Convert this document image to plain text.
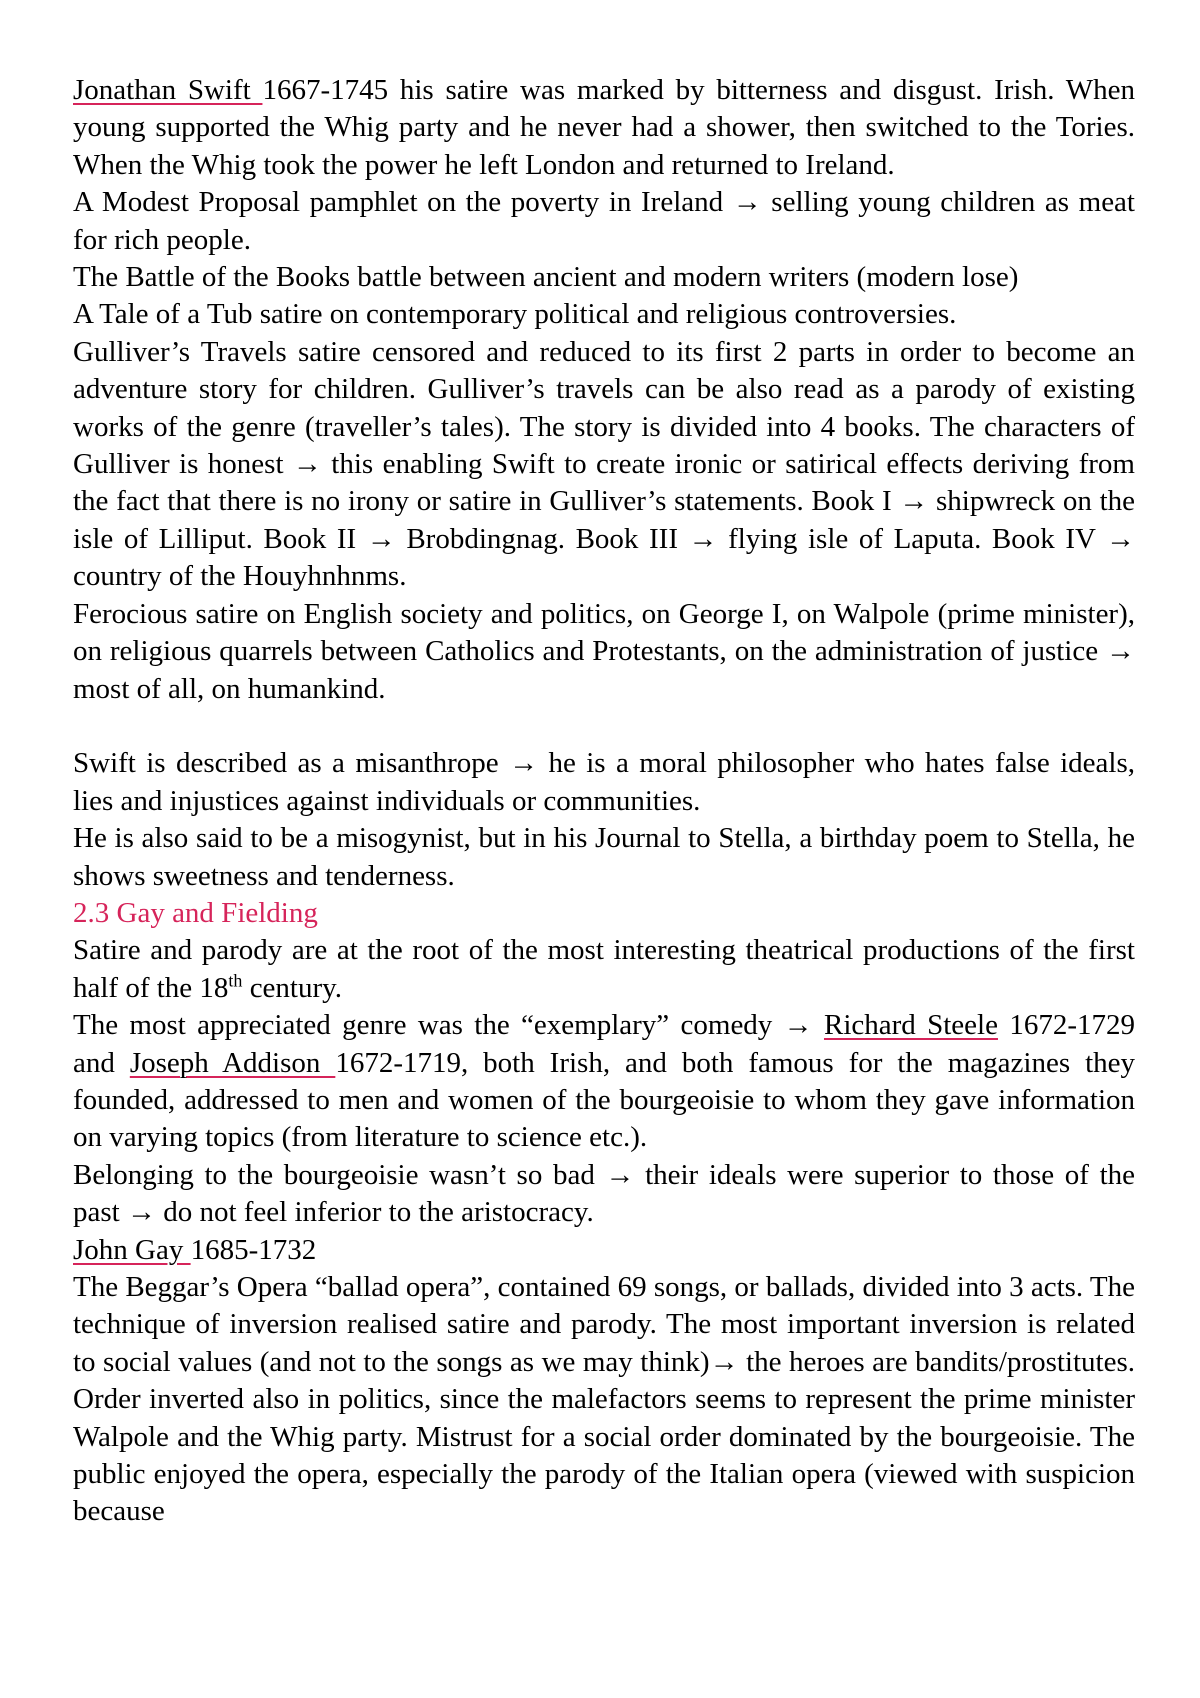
Jonathan Swift 1667-1745 his satire was marked by bitterness and disgust. Irish. When young supported the Whig party and he never had a shower, then switched to the Tories. When the Whig took the power he left London and returned to Ireland.

A Modest Proposal pamphlet on the poverty in Ireland → selling young children as meat for rich people.

The Battle of the Books battle between ancient and modern writers (modern lose)

A Tale of a Tub satire on contemporary political and religious controversies.

Gulliver’s Travels satire censored and reduced to its first 2 parts in order to become an adventure story for children. Gulliver’s travels can be also read as a parody of existing works of the genre (traveller’s tales). The story is divided into 4 books. The characters of Gulliver is honest → this enabling Swift to create ironic or satirical effects deriving from the fact that there is no irony or satire in Gulliver’s statements. Book I → shipwreck on the isle of Lilliput. Book II → Brobdingnag. Book III → flying isle of Laputa. Book IV → country of the Houyhnhnms.

Ferocious satire on English society and politics, on George I, on Walpole (prime minister), on religious quarrels between Catholics and Protestants, on the administration of justice → most of all, on humankind.

Swift is described as a misanthrope → he is a moral philosopher who hates false ideals, lies and injustices against individuals or communities.

He is also said to be a misogynist, but in his Journal to Stella, a birthday poem to Stella, he shows sweetness and tenderness.

2.3 Gay and Fielding

Satire and parody are at the root of the most interesting theatrical productions of the first half of the 18th century.

The most appreciated genre was the “exemplary” comedy → Richard Steele 1672-1729 and Joseph Addison 1672-1719, both Irish, and both famous for the magazines they founded, addressed to men and women of the bourgeoisie to whom they gave information on varying topics (from literature to science etc.).

Belonging to the bourgeoisie wasn’t so bad → their ideals were superior to those of the past → do not feel inferior to the aristocracy.

John Gay 1685-1732

The Beggar’s Opera “ballad opera”, contained 69 songs, or ballads, divided into 3 acts. The technique of inversion realised satire and parody. The most important inversion is related to social values (and not to the songs as we may think)→ the heroes are bandits/prostitutes. Order inverted also in politics, since the malefactors seems to represent the prime minister Walpole and the Whig party. Mistrust for a social order dominated by the bourgeoisie. The public enjoyed the opera, especially the parody of the Italian opera (viewed with suspicion because
